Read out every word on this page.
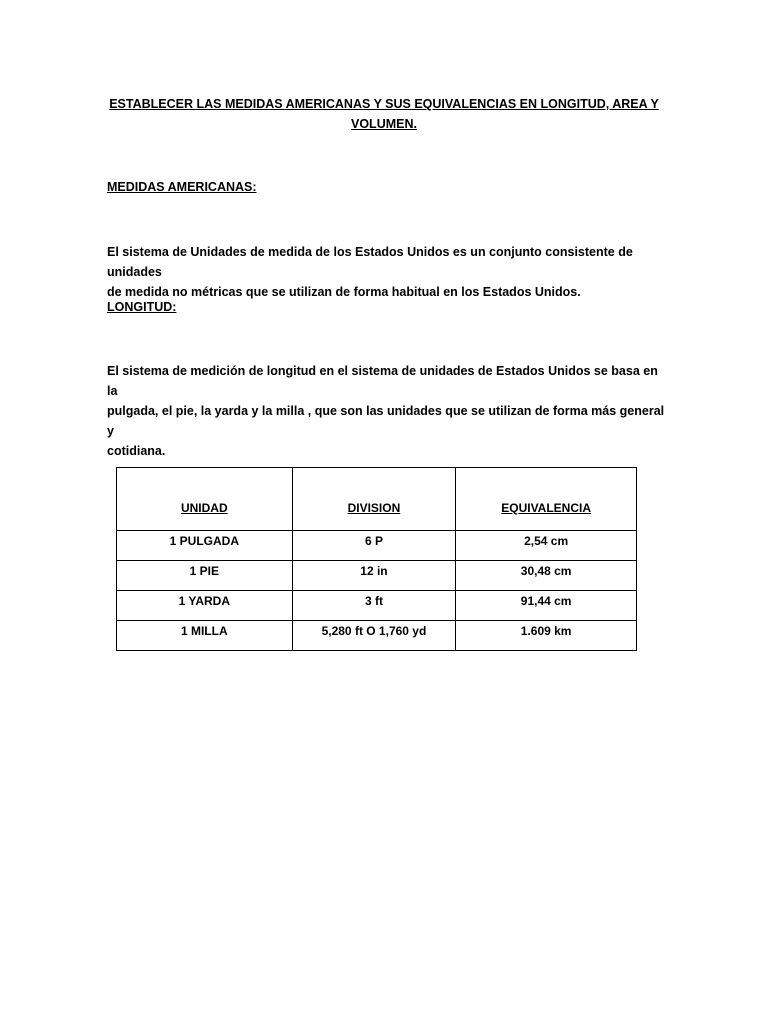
ESTABLECER LAS MEDIDAS AMERICANAS Y SUS EQUIVALENCIAS EN LONGITUD, AREA Y
VOLUMEN.
MEDIDAS AMERICANAS:
El sistema de Unidades de medida de los Estados Unidos es un conjunto consistente de unidades
de medida no métricas que se utilizan de forma habitual en los Estados Unidos.
LONGITUD:
El sistema de medición de longitud en el sistema de unidades de Estados Unidos se basa en la
pulgada, el pie, la yarda y la milla , que son las unidades que se utilizan de forma más general y
cotidiana.
UNIDAD	DIVISION	EQUIVALENCIA
1 PULGADA	6 P	2,54 cm
1 PIE	12 in	30,48 cm
1 YARDA	3 ft	91,44 cm
1 MILLA	5,280 ft O 1,760 yd	1.609 km
